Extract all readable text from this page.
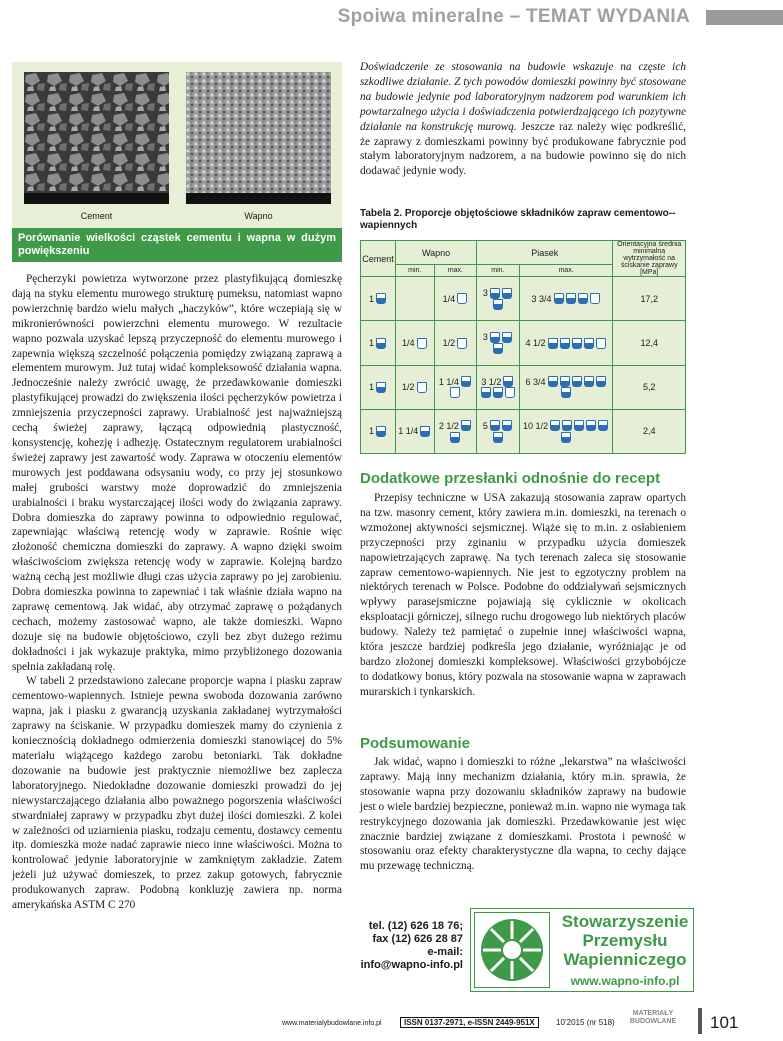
Spoiwa mineralne – TEMAT WYDANIA
Cement	Wapno
Porównanie wielkości cząstek cementu i wapna w dużym powiększeniu

Pęcherzyki powietrza wytworzone przez plastyfikującą domieszkę dają na styku elementu murowego strukturę pumeksu, natomiast wapno powierzchnię bardzo wielu małych „haczyków”, które wczepiają się w mikronierówności powierzchni elementu murowego. W rezultacie wapno pozwala uzyskać lepszą przyczepność do elementu murowego i zapewnia większą szczelność połączenia pomiędzy związaną zaprawą a elementem murowym. Już tutaj widać kompleksowość działania wapna. Jednocześnie należy zwrócić uwagę, że przedawkowanie domieszki plastyfikującej prowadzi do zwiększenia ilości pęcherzyków powietrza i zmniejszenia przyczepności zaprawy. Urabialność jest najważniejszą cechą świeżej zaprawy, łączącą odpowiednią plastyczność, konsystencję, kohezję i adhezję. Ostatecznym regulatorem urabialności świeżej zaprawy jest zawartość wody. Zaprawa w otoczeniu elementów murowych jest poddawana odsysaniu wody, co przy jej stosunkowo małej grubości warstwy może doprowadzić do zmniejszenia urabialności i braku wystarczającej ilości wody do związania zaprawy. Dobra domieszka do zaprawy powinna to odpowiednio regulować, zapewniając właściwą retencję wody w zaprawie. Rośnie więc złożoność chemiczna domieszki do zaprawy. A wapno dzięki swoim właściwościom zwiększa retencję wody w zaprawie. Kolejną bardzo ważną cechą jest możliwie długi czas użycia zaprawy po jej zarobieniu. Dobra domieszka powinna to zapewniać i tak właśnie działa wapno na zaprawę cementową. Jak widać, aby otrzymać zaprawę o pożądanych cechach, możemy zastosować wapno, ale także domieszki. Wapno dozuje się na budowie objętościowo, czyli bez zbyt dużego reżimu dokładności i jak wykazuje praktyka, mimo przybliżonego dozowania spełnia zakładaną rolę.

W tabeli 2 przedstawiono zalecane proporcje wapna i piasku zapraw cementowo-wapiennych. Istnieje pewna swoboda dozowania zarówno wapna, jak i piasku z gwarancją uzyskania zakładanej wytrzymałości zaprawy na ściskanie. W przypadku domieszek mamy do czynienia z koniecznością dokładnego odmierzenia domieszki stanowiącej do 5% materiału wiążącego każdego zarobu betoniarki. Tak dokładne dozowanie na budowie jest praktycznie niemożliwe bez zaplecza laboratoryjnego. Niedokładne dozowanie domieszki prowadzi do jej niewystarczającego działania albo poważnego pogorszenia właściwości stwardniałej zaprawy w przypadku zbyt dużej ilości domieszki. Z kolei w zależności od uziarnienia piasku, rodzaju cementu, dostawcy cementu itp. domieszka może nadać zaprawie nieco inne właściwości. Można to kontrolować jedynie laboratoryjnie w zamkniętym zakładzie. Zatem jeżeli już używać domieszek, to przez zakup gotowych, fabrycznie produkowanych zapraw. Podobną konkluzję zawiera np. norma amerykańska ASTM C 270

Doświadczenie ze stosowania na budowie wskazuje na częste ich szkodliwe działanie. Z tych powodów domieszki powinny być stosowane na budowie jedynie pod laboratoryjnym nadzorem pod warunkiem ich powtarzalnego użycia i doświadczenia potwierdzającego ich pozytywne działanie na konstrukcję murową. Jeszcze raz należy więc podkreślić, że zaprawy z domieszkami powinny być produkowane fabrycznie pod stałym laboratoryjnym nadzorem, a na budowie powinno się do nich dodawać jedynie wody.
Tabela 2. Proporcje objętościowe składników zapraw cementowo--wapiennych
Cement	Wapno		Piasek		Orientacyjna średnia minimalna wytrzymałość na ściskanie zaprawy [MPa]
	min.	max.	min.	max.	
1		1/4	3	3 3/4	17,2
1	1/4	1/2	3	4 1/2	12,4
1	1/2	1 1/4	3 1/2	6 3/4	5,2
1	1 1/4	2 1/2	5	10 1/2	2,4
Dodatkowe przesłanki odnośnie do recept

Przepisy techniczne w USA zakazują stosowania zapraw opartych na tzw. masonry cement, który zawiera m.in. domieszki, na terenach o wzmożonej aktywności sejsmicznej. Wiąże się to m.in. z osłabieniem przyczepności przy zginaniu w przypadku użycia domieszek napowietrzających zaprawę. Na tych terenach zaleca się stosowanie zapraw cementowo-wapiennych. Nie jest to egzotyczny problem na niektórych terenach w Polsce. Podobne do oddziaływań sejsmicznych wpływy parasejsmiczne pojawiają się cyklicznie w okolicach eksploatacji górniczej, silnego ruchu drogowego lub niektórych placów budowy. Należy też pamiętać o zupełnie innej właściwości wapna, która jeszcze bardziej podkreśla jego działanie, wyróżniając je od bardzo złożonej domieszki kompleksowej. Właściwości grzybobójcze to dodatkowy bonus, który pozwala na stosowanie wapna w zaprawach murarskich i tynkarskich.

Podsumowanie

Jak widać, wapno i domieszki to różne „lekarstwa” na właściwości zaprawy. Mają inny mechanizm działania, który m.in. sprawia, że stosowanie wapna przy dozowaniu składników zaprawy na budowie jest o wiele bardziej bezpieczne, ponieważ m.in. wapno nie wymaga tak restrykcyjnego dozowania jak domieszki. Przedawkowanie jest więc znacznie bardziej związane z domieszkami. Prostota i pewność w stosowaniu oraz efekty charakterystyczne dla wapna, to cechy dające mu przewagę techniczną.

tel. (12) 626 18 76;
fax (12) 626 28 87
e-mail:
info@wapno-info.pl
Stowarzyszenie
Przemysłu
Wapienniczego
www.wapno-info.pl
www.materialybudowlane.info.pl	ISSN 0137-2971, e-ISSN 2449-951X	10’2015 (nr 518)
MATERIAŁY
BUDOWLANE	101
